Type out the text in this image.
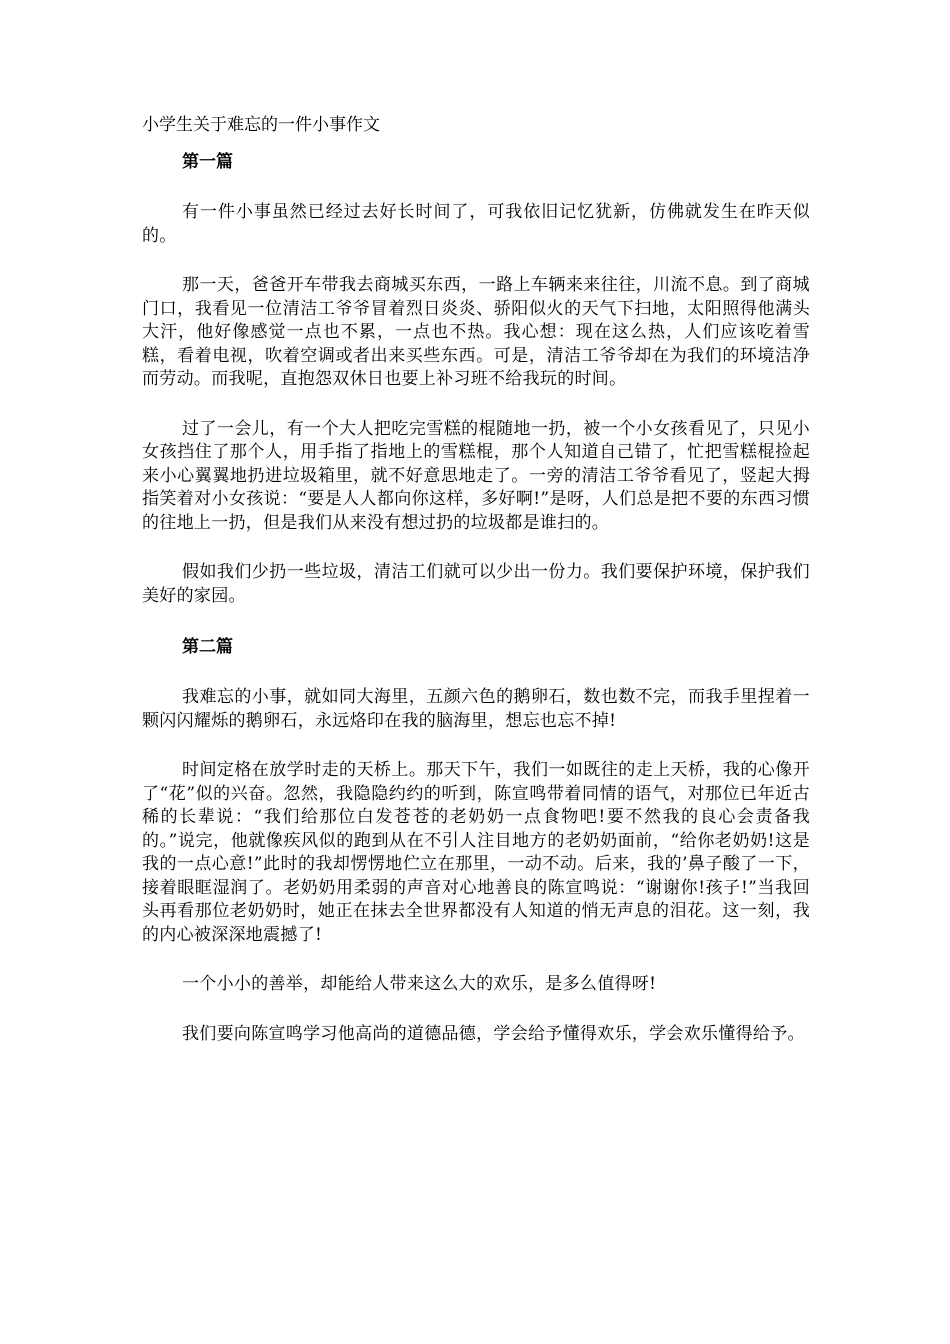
小学生关于难忘的一件小事作文
第一篇

有一件小事虽然已经过去好长时间了，可我依旧记忆犹新，仿佛就发生在昨天似的。

那一天，爸爸开车带我去商城买东西，一路上车辆来来往往，川流不息。到了商城门口，我看见一位清洁工爷爷冒着烈日炎炎、骄阳似火的天气下扫地，太阳照得他满头大汗，他好像感觉一点也不累，一点也不热。我心想：现在这么热，人们应该吃着雪糕，看着电视，吹着空调或者出来买些东西。可是，清洁工爷爷却在为我们的环境洁净而劳动。而我呢，直抱怨双休日也要上补习班不给我玩的时间。

过了一会儿，有一个大人把吃完雪糕的棍随地一扔，被一个小女孩看见了，只见小女孩挡住了那个人，用手指了指地上的雪糕棍，那个人知道自己错了，忙把雪糕棍捡起来小心翼翼地扔进垃圾箱里，就不好意思地走了。一旁的清洁工爷爷看见了，竖起大拇指笑着对小女孩说：“要是人人都向你这样，多好啊!”是呀，人们总是把不要的东西习惯的往地上一扔，但是我们从来没有想过扔的垃圾都是谁扫的。

假如我们少扔一些垃圾，清洁工们就可以少出一份力。我们要保护环境，保护我们美好的家园。

第二篇

我难忘的小事，就如同大海里，五颜六色的鹅卵石，数也数不完，而我手里捏着一颗闪闪耀烁的鹅卵石，永远烙印在我的脑海里，想忘也忘不掉!

时间定格在放学时走的天桥上。那天下午，我们一如既往的走上天桥，我的心像开了“花”似的兴奋。忽然，我隐隐约约的听到，陈宣鸣带着同情的语气，对那位已年近古稀的长辈说：“我们给那位白发苍苍的老奶奶一点食物吧!要不然我的良心会责备我的。”说完，他就像疾风似的跑到从在不引人注目地方的老奶奶面前，“给你老奶奶!这是我的一点心意!”此时的我却愣愣地伫立在那里，一动不动。后来，我的’鼻子酸了一下，接着眼眶湿润了。老奶奶用柔弱的声音对心地善良的陈宣鸣说：“谢谢你!孩子!”当我回头再看那位老奶奶时，她正在抹去全世界都没有人知道的悄无声息的泪花。这一刻，我的内心被深深地震撼了!

一个小小的善举，却能给人带来这么大的欢乐，是多么值得呀!

我们要向陈宣鸣学习他高尚的道德品德，学会给予懂得欢乐，学会欢乐懂得给予。
